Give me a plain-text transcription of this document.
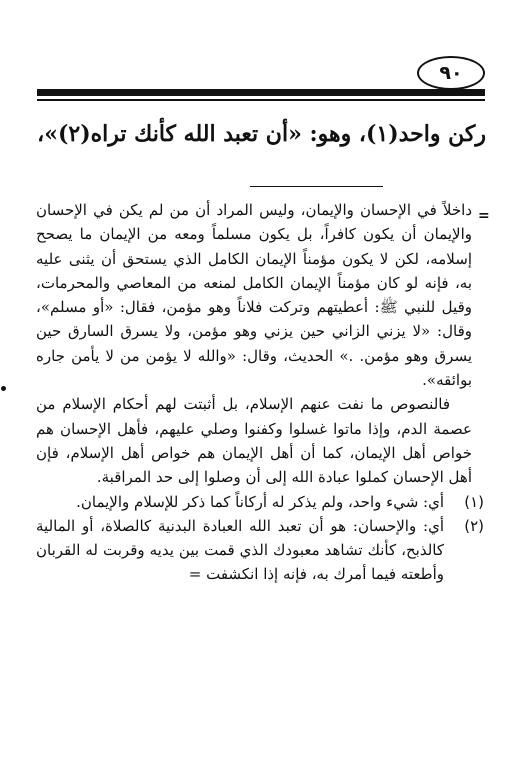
٩٠
ركن واحد(١)، وهو: «أن تعبد الله كأنك تراه(٢)»،
=

داخلاً في الإحسان والإيمان، وليس المراد أن من لم يكن في الإحسان والإيمان أن يكون كافراً، بل يكون مسلماً ومعه من الإيمان ما يصحح إسلامه، لكن لا يكون مؤمناً الإيمان الكامل الذي يستحق أن يثنى عليه به، فإنه لو كان مؤمناً الإيمان الكامل لمنعه من المعاصي والمحرمات، وقيل للنبي ﷺ: أعطيتهم وتركت فلاناً وهو مؤمن، فقال: «أو مسلم»، وقال: «لا يزني الزاني حين يزني وهو مؤمن، ولا يسرق السارق حين يسرق وهو مؤمن. .» الحديث، وقال: «والله لا يؤمن من لا يأمن جاره بوائقه».

فالنصوص ما نفت عنهم الإسلام، بل أثبتت لهم أحكام الإسلام من عصمة الدم، وإذا ماتوا غسلوا وكفنوا وصلي عليهم، فأهل الإحسان هم خواص أهل الإيمان، كما أن أهل الإيمان هم خواص أهل الإسلام، فإن أهل الإحسان كملوا عبادة الله إلى أن وصلوا إلى حد المراقبة.

(١)

أي: شيء واحد، ولم يذكر له أركاناً كما ذكر للإسلام والإيمان.

(٢)

أي: والإحسان: هو أن تعبد الله العبادة البدنية كالصلاة، أو المالية كالذبح، كأنك تشاهد معبودك الذي قمت بين يديه وقربت له القربان وأطعته فيما أمرك به، فإنه إذا انكشفت =
